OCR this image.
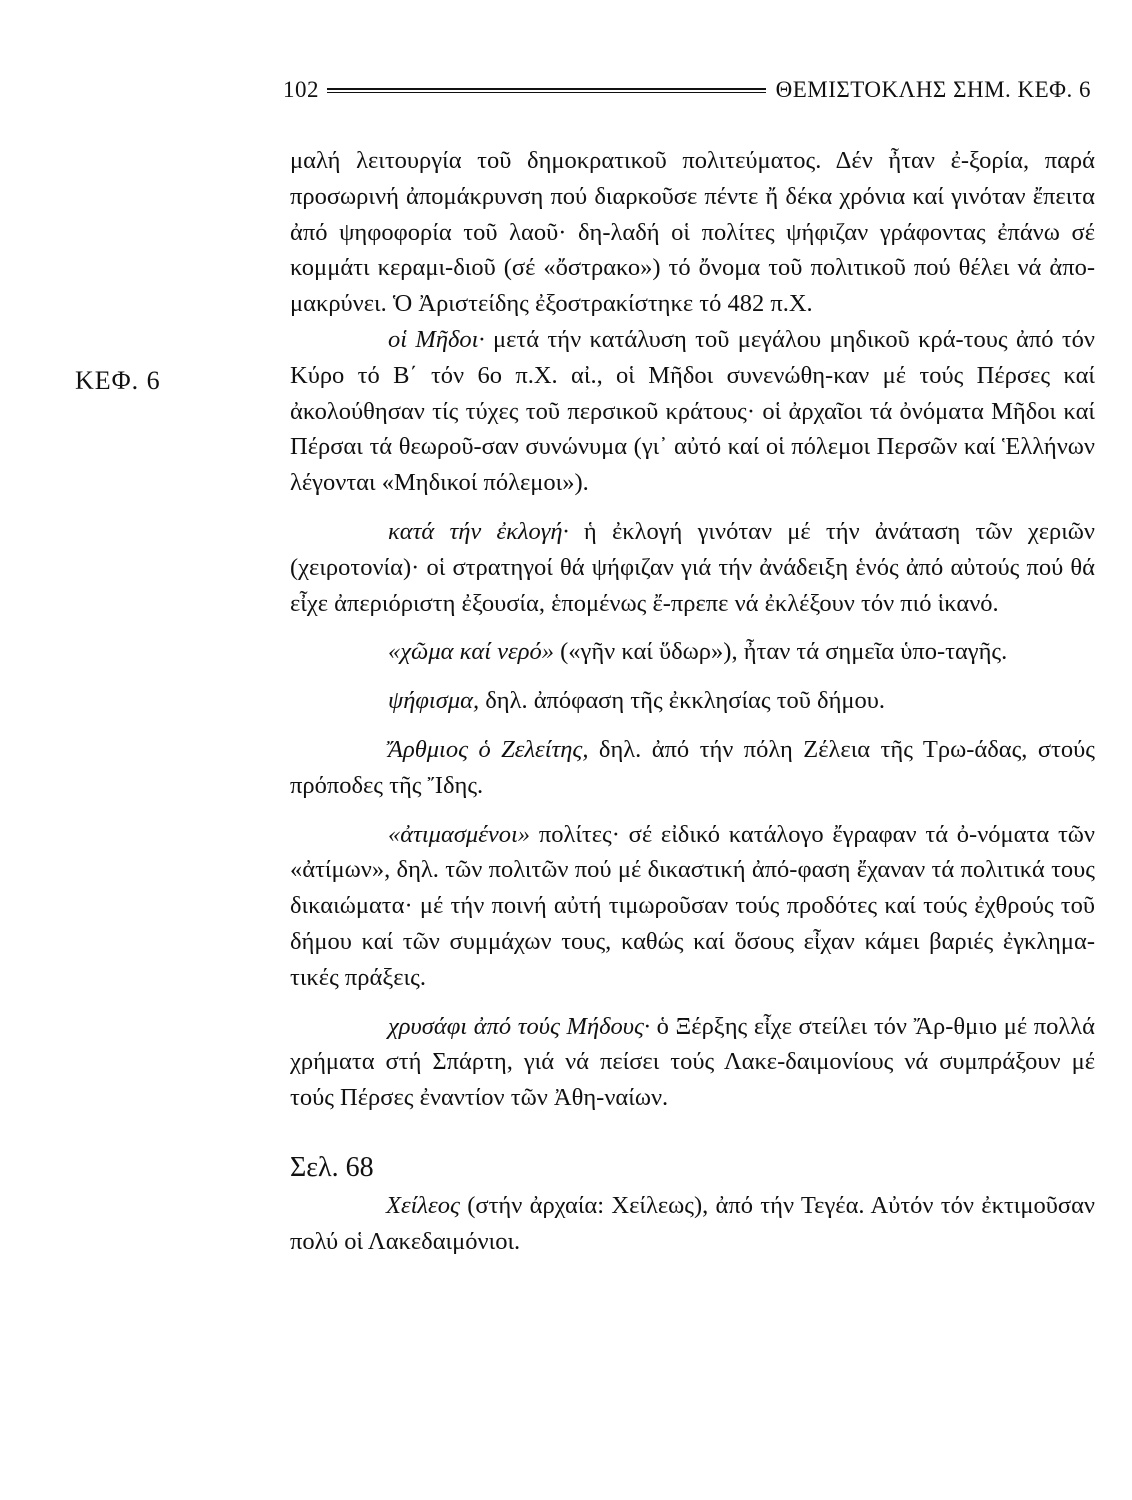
102	ΘΕΜΙΣΤΟΚΛΗΣ ΣΗΜ. ΚΕΦ. 6
ΚΕΦ. 6

μαλή λειτουργία τοῦ δημοκρατικοῦ πολιτεύματος. Δέν ἦταν ἐ-ξορία, παρά προσωρινή ἀπομάκρυνση πού διαρκοῦσε πέντε ἤ δέκα χρόνια καί γινόταν ἔπειτα ἀπό ψηφοφορία τοῦ λαοῦ· δη-λαδή οἱ πολίτες ψήφιζαν γράφοντας ἐπάνω σέ κομμάτι κεραμι-διοῦ (σέ «ὄστρακο») τό ὄνομα τοῦ πολιτικοῦ πού θέλει νά ἀπο-μακρύνει. Ὁ Ἀριστείδης ἐξοστρακίστηκε τό 482 π.Χ.

οἱ Μῆδοι· μετά τήν κατάλυση τοῦ μεγάλου μηδικοῦ κρά-τους ἀπό τόν Κύρο τό Β΄ τόν 6ο π.Χ. αἰ., οἱ Μῆδοι συνενώθη-καν μέ τούς Πέρσες καί ἀκολούθησαν τίς τύχες τοῦ περσικοῦ κράτους· οἱ ἀρχαῖοι τά ὀνόματα Μῆδοι καί Πέρσαι τά θεωροῦ-σαν συνώνυμα (γι᾽ αὐτό καί οἱ πόλεμοι Περσῶν καί Ἑλλήνων λέγονται «Μηδικοί πόλεμοι»).

κατά τήν ἐκλογή· ἡ ἐκλογή γινόταν μέ τήν ἀνάταση τῶν χεριῶν (χειροτονία)· οἱ στρατηγοί θά ψήφιζαν γιά τήν ἀνάδειξη ἑνός ἀπό αὐτούς πού θά εἶχε ἀπεριόριστη ἐξουσία, ἑπομένως ἔ-πρεπε νά ἐκλέξουν τόν πιό ἱκανό.

«χῶμα καί νερό» («γῆν καί ὕδωρ»), ἦταν τά σημεῖα ὑπο-ταγῆς.

ψήφισμα, δηλ. ἀπόφαση τῆς ἐκκλησίας τοῦ δήμου.

Ἄρθμιος ὁ Ζελείτης, δηλ. ἀπό τήν πόλη Ζέλεια τῆς Τρω-άδας, στούς πρόποδες τῆς Ἴδης.

«ἀτιμασμένοι» πολίτες· σέ εἰδικό κατάλογο ἔγραφαν τά ὀ-νόματα τῶν «ἀτίμων», δηλ. τῶν πολιτῶν πού μέ δικαστική ἀπό-φαση ἔχαναν τά πολιτικά τους δικαιώματα· μέ τήν ποινή αὐτή τιμωροῦσαν τούς προδότες καί τούς ἐχθρούς τοῦ δήμου καί τῶν συμμάχων τους, καθώς καί ὅσους εἶχαν κάμει βαριές ἐγκλημα-τικές πράξεις.

χρυσάφι ἀπό τούς Μήδους· ὁ Ξέρξης εἶχε στείλει τόν Ἄρ-θμιο μέ πολλά χρήματα στή Σπάρτη, γιά νά πείσει τούς Λακε-δαιμονίους νά συμπράξουν μέ τούς Πέρσες ἐναντίον τῶν Ἀθη-ναίων.

Σελ. 68

Χείλεος (στήν ἀρχαία: Χείλεως), ἀπό τήν Τεγέα. Αὐτόν τόν ἐκτιμοῦσαν πολύ οἱ Λακεδαιμόνιοι.
